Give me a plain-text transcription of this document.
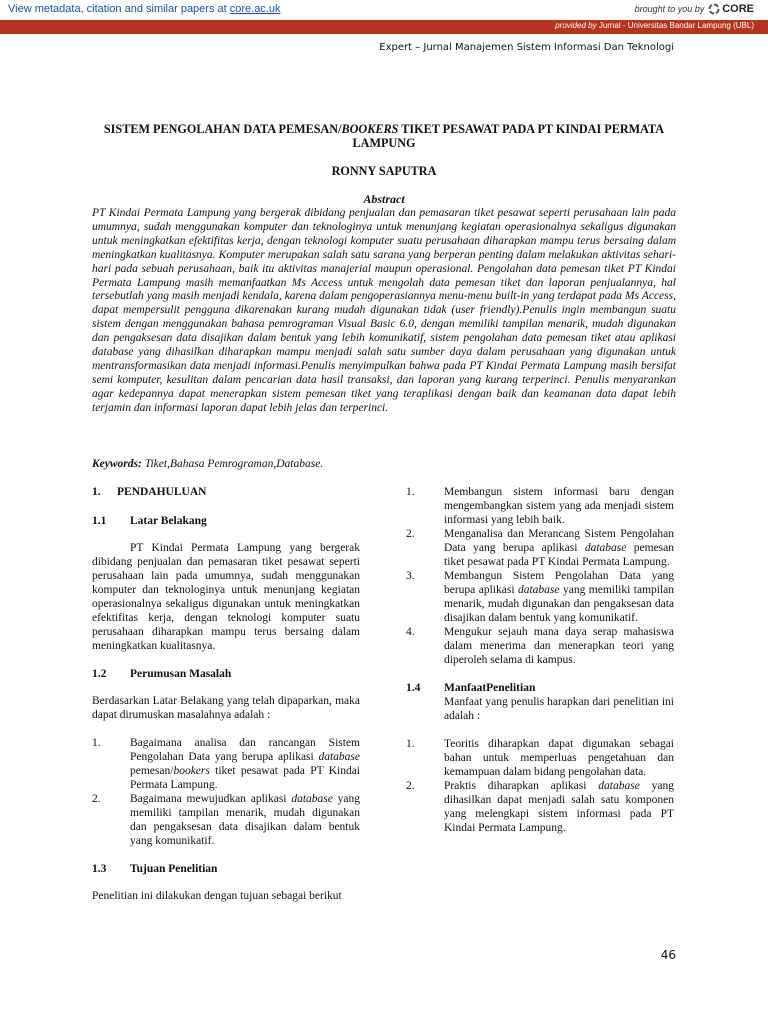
View metadata, citation and similar papers at core.ac.uk	brought to you by CORE
provided by Jurnal - Universitas Bandar Lampung (UBL)
Expert – Jurnal Manajemen Sistem Informasi Dan Teknologi
SISTEM PENGOLAHAN DATA PEMESAN/BOOKERS TIKET PESAWAT PADA PT KINDAI PERMATA LAMPUNG
RONNY SAPUTRA
Abstract
PT Kindai Permata Lampung yang bergerak dibidang penjualan dan pemasaran tiket pesawat seperti perusahaan lain pada umumnya, sudah menggunakan komputer dan teknologinya untuk menunjang kegiatan operasionalnya sekaligus digunakan untuk meningkatkan efektifitas kerja, dengan teknologi komputer suatu perusahaan diharapkan mampu terus bersaing dalam meningkatkan kualitasnya. Komputer merupakan salah satu sarana yang berperan penting dalam melakukan aktivitas sehari-hari pada sebuah perusahaan, baik itu aktivitas manajerial maupun operasional. Pengolahan data pemesan tiket PT Kindai Permata Lampung masih memanfaatkan Ms Access untuk mengolah data pemesan tiket dan laporan penjualannya, hal tersebutlah yang masih menjadi kendala, karena dalam pengoperasiannya menu-menu built-in yang terdapat pada Ms Access, dapat mempersulit pengguna dikarenakan kurang mudah digunakan tidak (user friendly).Penulis ingin membangun suatu sistem dengan menggunakan bahasa pemrograman Visual Basic 6.0, dengan memiliki tampilan menarik, mudah digunakan dan pengaksesan data disajikan dalam bentuk yang lebih komunikatif, sistem pengolahan data pemesan tiket atau aplikasi database yang dihasilkan diharapkan mampu menjadi salah satu sumber daya dalam perusahaan yang digunakan untuk mentransformasikan data menjadi informasi.Penulis menyimpulkan bahwa pada PT Kindai Permata Lampung masih bersifat semi komputer, kesulitan dalam pencarian data hasil transaksi, dan laporan yang kurang terperinci. Penulis menyarankan agar kedepannya dapat menerapkan sistem pemesan tiket yang teraplikasi dengan baik dan keamanan data dapat lebih terjamin dan informasi laporan dapat lebih jelas dan terperinci.
Keywords: Tiket,Bahasa Pemrograman,Database.
1.	PENDAHULUAN
1.1	Latar Belakang

PT Kindai Permata Lampung yang bergerak dibidang penjualan dan pemasaran tiket pesawat seperti perusahaan lain pada umumnya, sudah menggunakan komputer dan teknologinya untuk menunjang kegiatan operasionalnya sekaligus digunakan untuk meningkatkan efektifitas kerja, dengan teknologi komputer suatu perusahaan diharapkan mampu terus bersaing dalam meningkatkan kualitasnya.

1.2	Perumusan Masalah

Berdasarkan Latar Belakang yang telah dipaparkan, maka dapat dirumuskan masalahnya adalah :

1.	Bagaimana analisa dan rancangan Sistem Pengolahan Data yang berupa aplikasi database pemesan/bookers tiket pesawat pada PT Kindai Permata Lampung.
2.	Bagaimana mewujudkan aplikasi database yang memiliki tampilan menarik, mudah digunakan dan pengaksesan data disajikan dalam bentuk yang komunikatif.
1.3	Tujuan Penelitian

Penelitian ini dilakukan dengan tujuan sebagai berikut

1.	Membangun sistem informasi baru dengan mengembangkan sistem yang ada menjadi sistem informasi yang lebih baik.
2.	Menganalisa dan Merancang Sistem Pengolahan Data yang berupa aplikasi database pemesan tiket pesawat pada PT Kindai Permata Lampung.
3.	Membangun Sistem Pengolahan Data yang berupa aplikasi database yang memiliki tampilan menarik, mudah digunakan dan pengaksesan data disajikan dalam bentuk yang komunikatif.
4.	Mengukur sejauh mana daya serap mahasiswa dalam menerima dan menerapkan teori yang diperoleh selama di kampus.
1.4	ManfaatPenelitian

Manfaat yang penulis harapkan dari penelitian ini adalah :

1.	Teoritis diharapkan dapat digunakan sebagai bahan untuk memperluas pengetahuan dan kemampuan dalam bidang pengolahan data.
2.	Praktis diharapkan aplikasi database yang dihasilkan dapat menjadi salah satu komponen yang melengkapi sistem informasi pada PT Kindai Permata Lampung.
46
